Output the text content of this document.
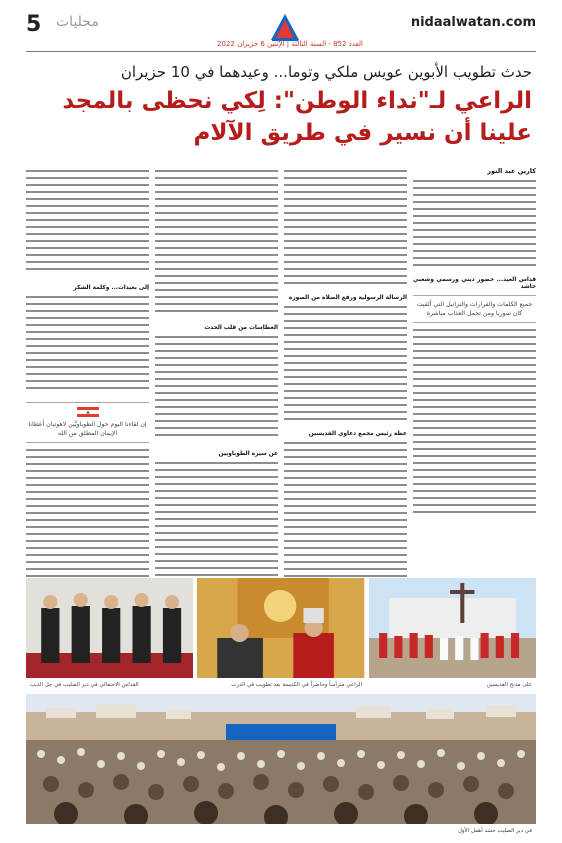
5 محليات	nidaalwatan.com
العدد 852 - السنة الثالثة | الإثنين 6 حزيران 2022
حدث تطويب الأبوين عويس ملكي وتوما... وعيدهما في 10 حزيران
الراعي لـ"نداء الوطن": لِكي نحظى بالمجد
علينا أن نسير في طريق الآلام
كارين عبد النور
قداس العيد... حضور ديني ورسمي وشعبي حاشد
جميع الكلمات والقرارات والتراتيل التي ألقيت كان سوريا ومن تحمل العذاب مباشرة
الرسالة الرسولية ورفع الصلاة من الصورة
عظة رئيس مجمع دعاوى القديسين
الغطاسات من قلب الحدث
عن سيرة الطوباويين
إلى بعبدات... وكلمة الشكر
إن لقاءنا اليوم حول الطوباويَّين لاهوتيان أعطانا الإيمان المطلق من الله
على مذبح القديسين
الراعي مترأساً وحاضراً في الكنيسة بعد تطويب في الدرب
القداس الاحتفالي في دير الصليب في جل الديب
في دير الصليب حشد أهمل الأول
